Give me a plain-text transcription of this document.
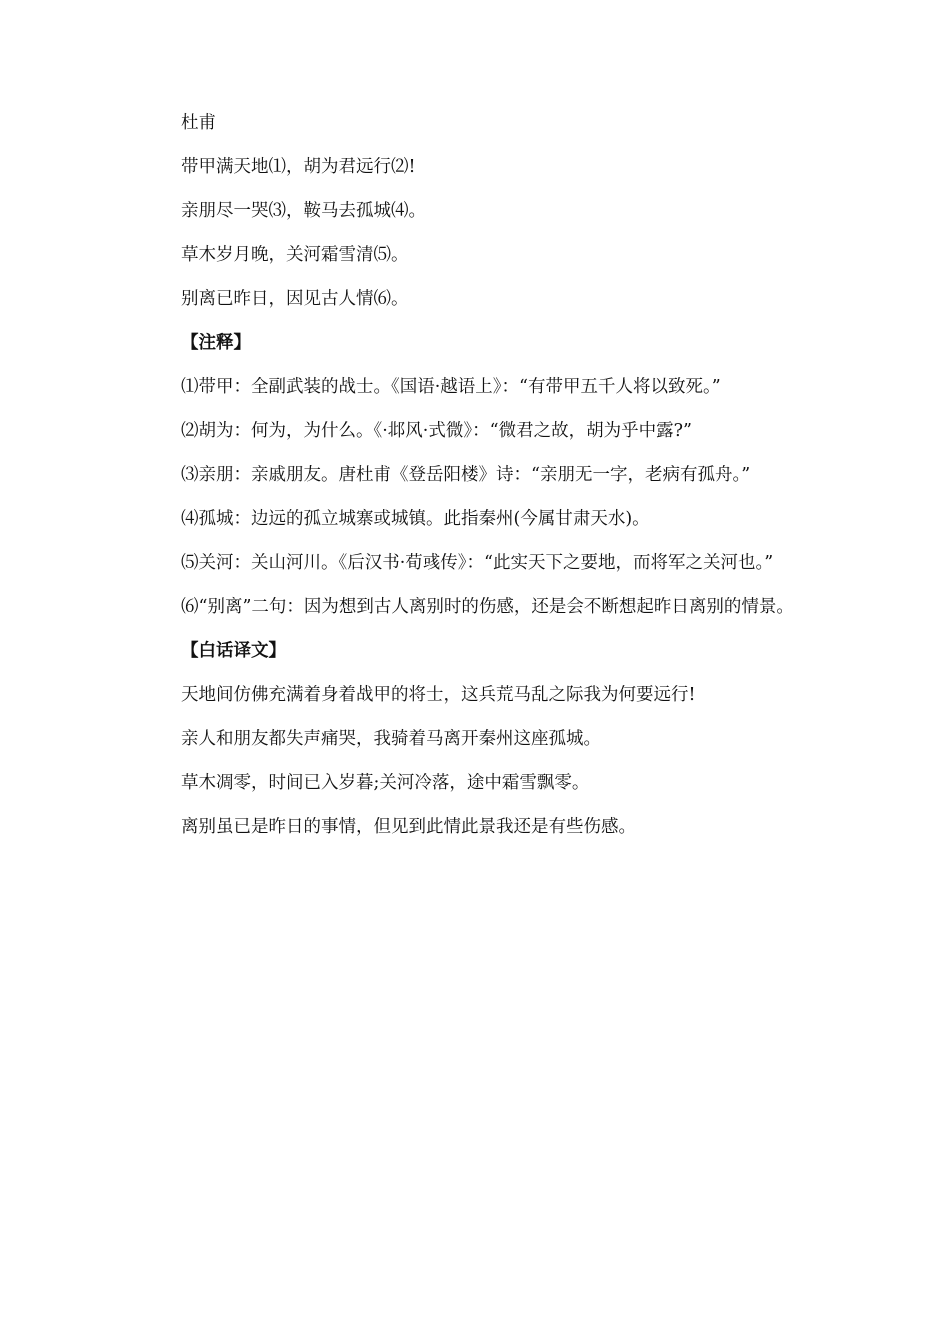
杜甫

带甲满天地⑴，胡为君远行⑵!

亲朋尽一哭⑶，鞍马去孤城⑷。

草木岁月晚，关河霜雪清⑸。

别离已昨日，因见古人情⑹。

【注释】

⑴带甲：全副武装的战士。《国语·越语上》：“有带甲五千人将以致死。”

⑵胡为：何为，为什么。《·邶风·式微》：“微君之故，胡为乎中露?”

⑶亲朋：亲戚朋友。唐杜甫《登岳阳楼》诗：“亲朋无一字，老病有孤舟。”

⑷孤城：边远的孤立城寨或城镇。此指秦州(今属甘肃天水)。

⑸关河：关山河川。《后汉书·荀彧传》：“此实天下之要地，而将军之关河也。”

⑹“别离”二句：因为想到古人离别时的伤感，还是会不断想起昨日离别的情景。

【白话译文】

天地间仿佛充满着身着战甲的将士，这兵荒马乱之际我为何要远行!

亲人和朋友都失声痛哭，我骑着马离开秦州这座孤城。

草木凋零，时间已入岁暮;关河冷落，途中霜雪飘零。

离别虽已是昨日的事情，但见到此情此景我还是有些伤感。
